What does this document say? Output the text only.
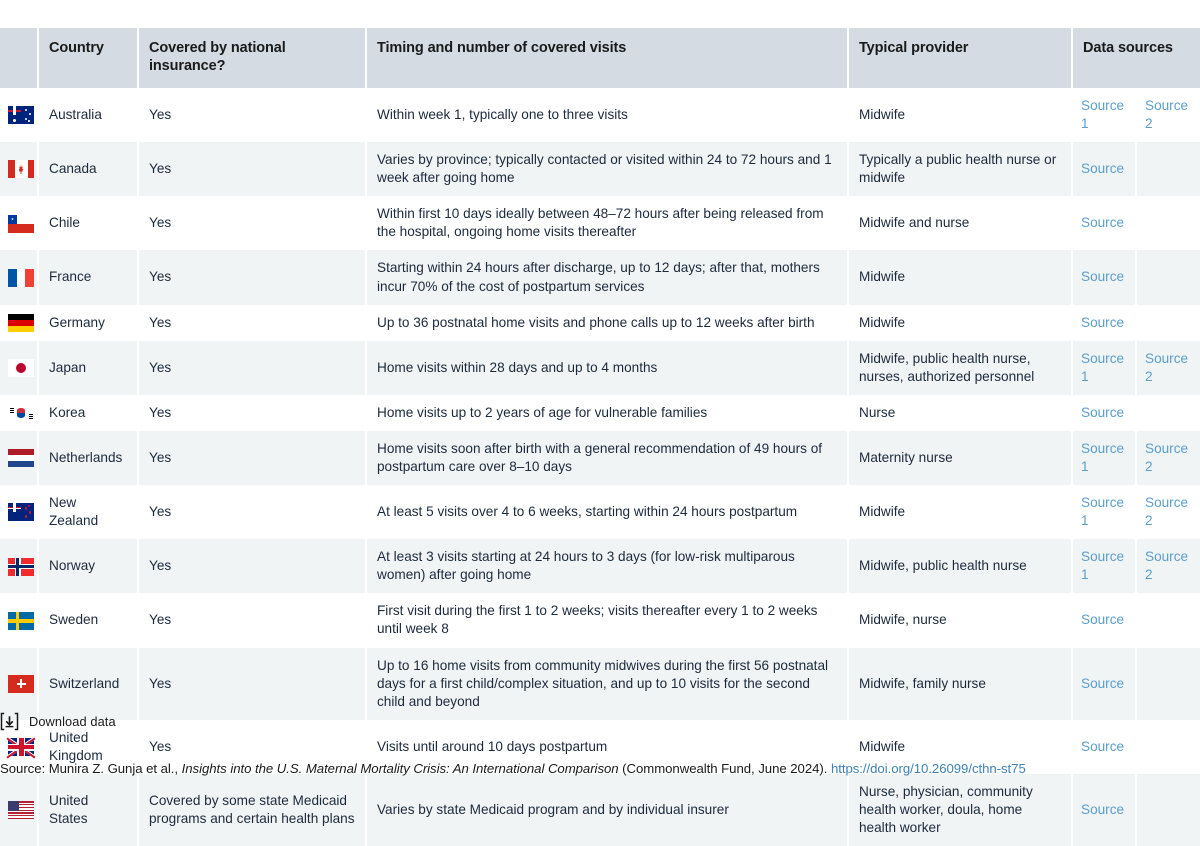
	Country	Covered by national insurance?	Timing and number of covered visits	Typical provider	Data sources	

	Australia	Yes	Within week 1, typically one to three visits	Midwife	Source 1	Source 2

	Canada	Yes	Varies by province; typically contacted or visited within 24 to 72 hours and 1 week after going home	Typically a public health nurse or midwife	Source	

	Chile	Yes	Within first 10 days ideally between 48–72 hours after being released from the hospital, ongoing home visits thereafter	Midwife and nurse	Source	

	France	Yes	Starting within 24 hours after discharge, up to 12 days; after that, mothers incur 70% of the cost of postpartum services	Midwife	Source	

	Germany	Yes	Up to 36 postnatal home visits and phone calls up to 12 weeks after birth	Midwife	Source	

	Japan	Yes	Home visits within 28 days and up to 4 months	Midwife, public health nurse, nurses, authorized personnel	Source 1	Source 2

	Korea	Yes	Home visits up to 2 years of age for vulnerable families	Nurse	Source	

	Netherlands	Yes	Home visits soon after birth with a general recommendation of 49 hours of postpartum care over 8–10 days	Maternity nurse	Source 1	Source 2

	New Zealand	Yes	At least 5 visits over 4 to 6 weeks, starting within 24 hours postpartum	Midwife	Source 1	Source 2

	Norway	Yes	At least 3 visits starting at 24 hours to 3 days (for low-risk multiparous women) after going home	Midwife, public health nurse	Source 1	Source 2

	Sweden	Yes	First visit during the first 1 to 2 weeks; visits thereafter every 1 to 2 weeks until week 8	Midwife, nurse	Source	

	Switzerland	Yes	Up to 16 home visits from community midwives during the first 56 postnatal days for a first child/complex situation, and up to 10 visits for the second child and beyond	Midwife, family nurse	Source	

	United Kingdom	Yes	Visits until around 10 days postpartum	Midwife	Source	

	United States	Covered by some state Medicaid programs and certain health plans	Varies by state Medicaid program and by individual insurer	Nurse, physician, community health worker, doula, home health worker	Source	
Download data
Source: Munira Z. Gunja et al., Insights into the U.S. Maternal Mortality Crisis: An International Comparison (Commonwealth Fund, June 2024). https://doi.org/10.26099/cthn-st75
